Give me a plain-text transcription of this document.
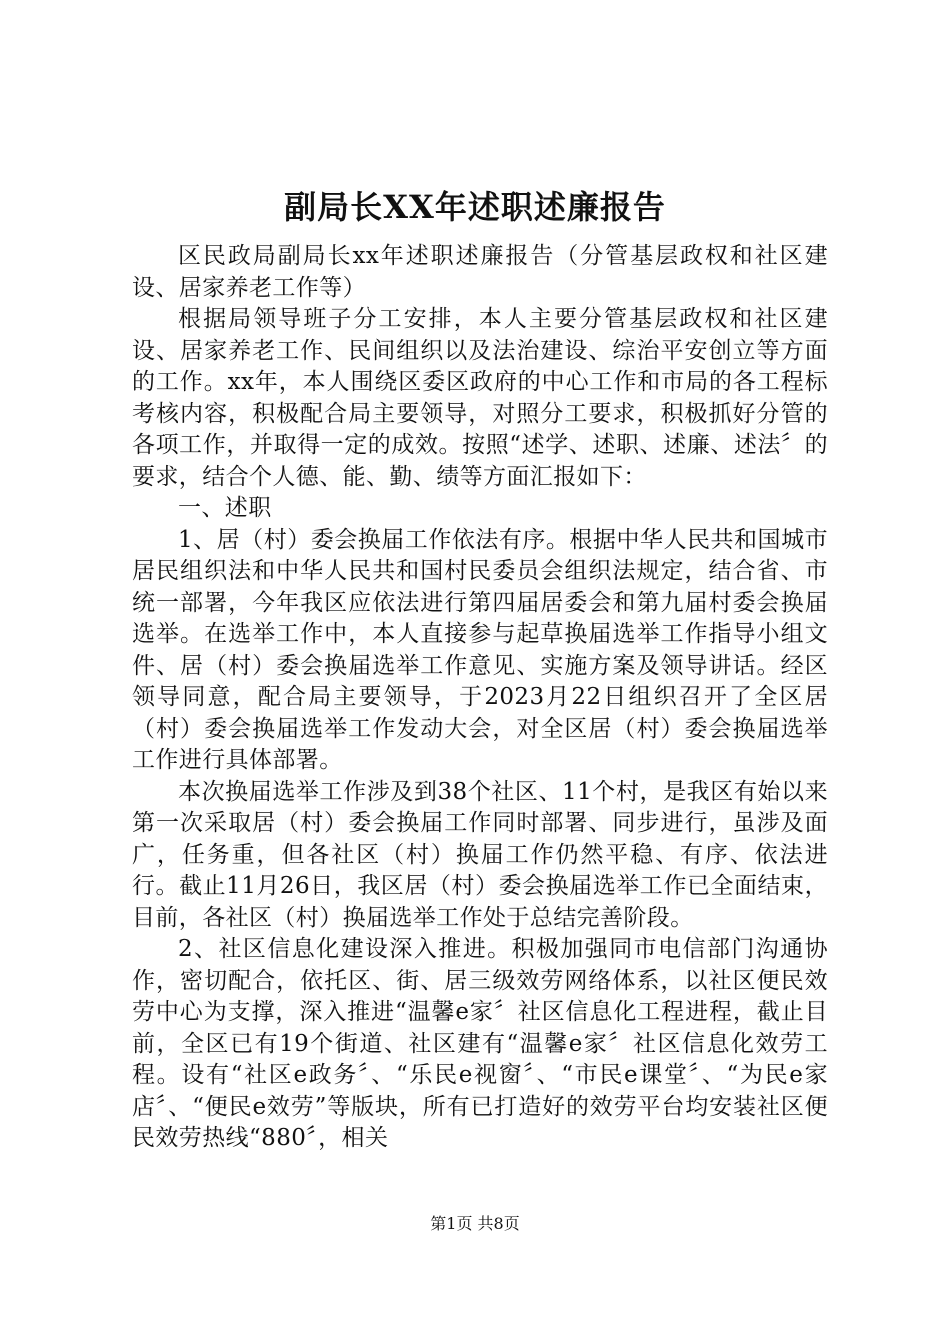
副局长XX年述职述廉报告

区民政局副局长xx年述职述廉报告（分管基层政权和社区建设、居家养老工作等）

根据局领导班子分工安排，本人主要分管基层政权和社区建设、居家养老工作、民间组织以及法治建设、综治平安创立等方面的工作。xx年，本人围绕区委区政府的中心工作和市局的各工程标考核内容，积极配合局主要领导，对照分工要求，积极抓好分管的各项工作，并取得一定的成效。按照“述学、述职、述廉、述法〞的要求，结合个人德、能、勤、绩等方面汇报如下：

一、述职

1、居（村）委会换届工作依法有序。根据中华人民共和国城市居民组织法和中华人民共和国村民委员会组织法规定，结合省、市统一部署，今年我区应依法进行第四届居委会和第九届村委会换届选举。在选举工作中，本人直接参与起草换届选举工作指导小组文件、居（村）委会换届选举工作意见、实施方案及领导讲话。经区领导同意，配合局主要领导，于2023月22日组织召开了全区居（村）委会换届选举工作发动大会，对全区居（村）委会换届选举工作进行具体部署。

本次换届选举工作涉及到38个社区、11个村，是我区有始以来第一次采取居（村）委会换届工作同时部署、同步进行，虽涉及面广，任务重，但各社区（村）换届工作仍然平稳、有序、依法进行。截止11月26日，我区居（村）委会换届选举工作已全面结束，目前，各社区（村）换届选举工作处于总结完善阶段。

2、社区信息化建设深入推进。积极加强同市电信部门沟通协作，密切配合，依托区、街、居三级效劳网络体系，以社区便民效劳中心为支撑，深入推进“温馨e家〞社区信息化工程进程，截止目前，全区已有19个街道、社区建有“温馨e家〞社区信息化效劳工程。设有“社区e政务〞、“乐民e视窗〞、“市民e课堂〞、“为民e家店〞、“便民e效劳”等版块，所有已打造好的效劳平台均安装社区便民效劳热线“880〞，相关

第1页 共8页
